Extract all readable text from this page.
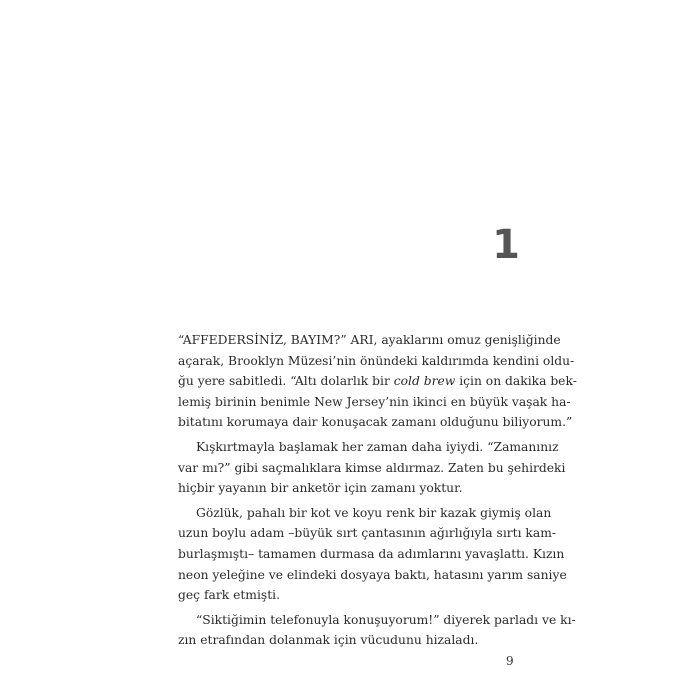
1
“AFFEDERSİNİZ, BAYIM?” ARI, ayaklarını omuz genişliğinde
açarak, Brooklyn Müzesi’nin önündeki kaldırımda kendini oldu-
ğu yere sabitledi. “Altı dolarlık bir cold brew için on dakika bek-
lemiş birinin benimle New Jersey’nin ikinci en büyük vaşak ha-
bitatını korumaya dair konuşacak zamanı olduğunu biliyorum.”
Kışkırtmayla başlamak her zaman daha iyiydi. “Zamanınız
var mı?” gibi saçmalıklara kimse aldırmaz. Zaten bu şehirdeki
hiçbir yayanın bir anketör için zamanı yoktur.
Gözlük, pahalı bir kot ve koyu renk bir kazak giymiş olan
uzun boylu adam –büyük sırt çantasının ağırlığıyla sırtı kam-
burlaşmıştı– tamamen durmasa da adımlarını yavaşlattı. Kızın
neon yeleğine ve elindeki dosyaya baktı, hatasını yarım saniye
geç fark etmişti.
“Siktiğimin telefonuyla konuşuyorum!” diyerek parladı ve kı-
zın etrafından dolanmak için vücudunu hizaladı.
9
